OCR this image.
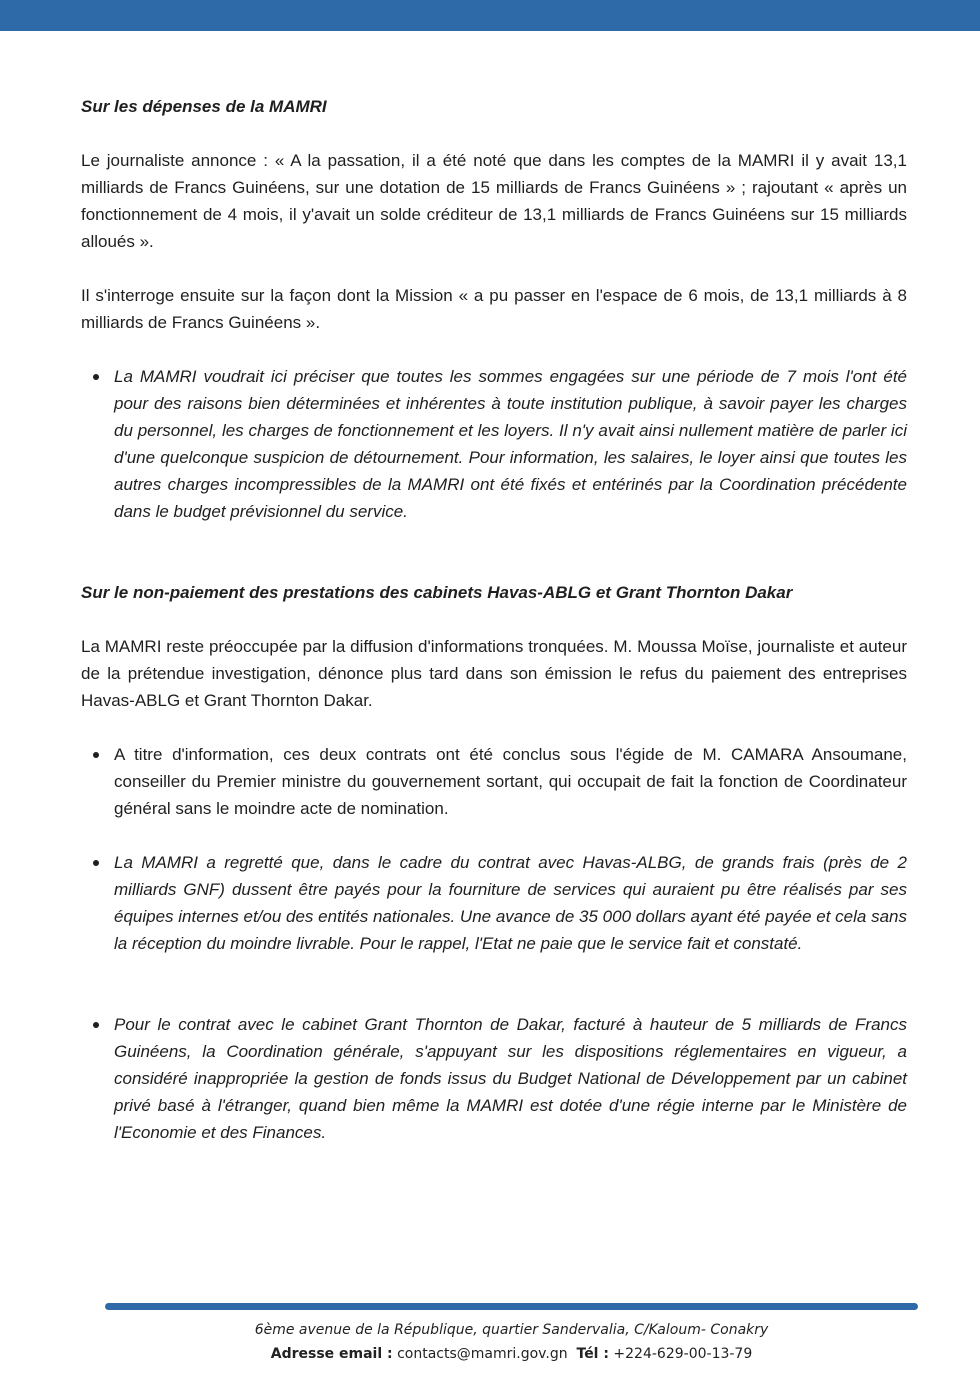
Sur les dépenses de la MAMRI

Le journaliste annonce : « A la passation, il a été noté que dans les comptes de la MAMRI il y avait 13,1 milliards de Francs Guinéens, sur une dotation de 15 milliards de Francs Guinéens » ; rajoutant « après un fonctionnement de 4 mois, il y'avait un solde créditeur de 13,1 milliards de Francs Guinéens sur 15 milliards alloués ».

Il s'interroge ensuite sur la façon dont la Mission « a pu passer en l'espace de 6 mois, de 13,1 milliards à 8 milliards de Francs Guinéens ».

La MAMRI voudrait ici préciser que toutes les sommes engagées sur une période de 7 mois l'ont été pour des raisons bien déterminées et inhérentes à toute institution publique, à savoir payer les charges du personnel, les charges de fonctionnement et les loyers. Il n'y avait ainsi nullement matière de parler ici d'une quelconque suspicion de détournement. Pour information, les salaires, le loyer ainsi que toutes les autres charges incompressibles de la MAMRI ont été fixés et entérinés par la Coordination précédente dans le budget prévisionnel du service.
Sur le non-paiement des prestations des cabinets Havas-ABLG et Grant Thornton Dakar

La MAMRI reste préoccupée par la diffusion d'informations tronquées. M. Moussa Moïse, journaliste et auteur de la prétendue investigation, dénonce plus tard dans son émission le refus du paiement des entreprises Havas-ABLG et Grant Thornton Dakar.

A titre d'information, ces deux contrats ont été conclus sous l'égide de M. CAMARA Ansoumane, conseiller du Premier ministre du gouvernement sortant, qui occupait de fait la fonction de Coordinateur général sans le moindre acte de nomination.
La MAMRI a regretté que, dans le cadre du contrat avec Havas-ALBG, de grands frais (près de 2 milliards GNF) dussent être payés pour la fourniture de services qui auraient pu être réalisés par ses équipes internes et/ou des entités nationales. Une avance de 35 000 dollars ayant été payée et cela sans la réception du moindre livrable. Pour le rappel, l'Etat ne paie que le service fait et constaté.
Pour le contrat avec le cabinet Grant Thornton de Dakar, facturé à hauteur de 5 milliards de Francs Guinéens, la Coordination générale, s'appuyant sur les dispositions réglementaires en vigueur, a considéré inappropriée la gestion de fonds issus du Budget National de Développement par un cabinet privé basé à l'étranger, quand bien même la MAMRI est dotée d'une régie interne par le Ministère de l'Economie et des Finances.
6ème avenue de la République, quartier Sandervalia, C/Kaloum- Conakry
Adresse email : contacts@mamri.gov.gn Tél : +224-629-00-13-79
